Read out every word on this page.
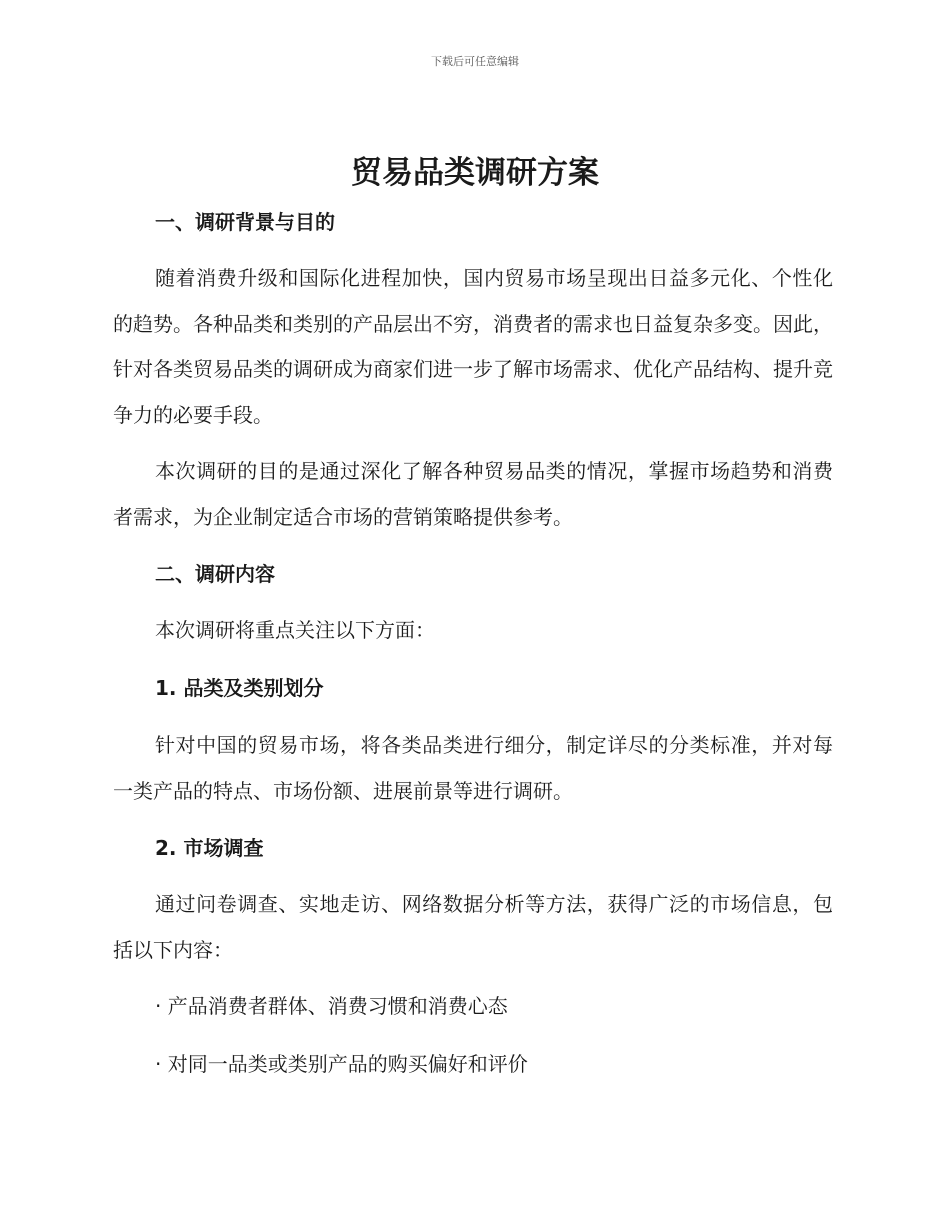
下载后可任意编辑
贸易品类调研方案
一、调研背景与目的

随着消费升级和国际化进程加快，国内贸易市场呈现出日益多元化、个性化的趋势。各种品类和类别的产品层出不穷，消费者的需求也日益复杂多变。因此，针对各类贸易品类的调研成为商家们进一步了解市场需求、优化产品结构、提升竞争力的必要手段。

本次调研的目的是通过深化了解各种贸易品类的情况，掌握市场趋势和消费者需求，为企业制定适合市场的营销策略提供参考。

二、调研内容

本次调研将重点关注以下方面：

1. 品类及类别划分

针对中国的贸易市场，将各类品类进行细分，制定详尽的分类标准，并对每一类产品的特点、市场份额、进展前景等进行调研。

2. 市场调查

通过问卷调查、实地走访、网络数据分析等方法，获得广泛的市场信息，包括以下内容：

· 产品消费者群体、消费习惯和消费心态

· 对同一品类或类别产品的购买偏好和评价
